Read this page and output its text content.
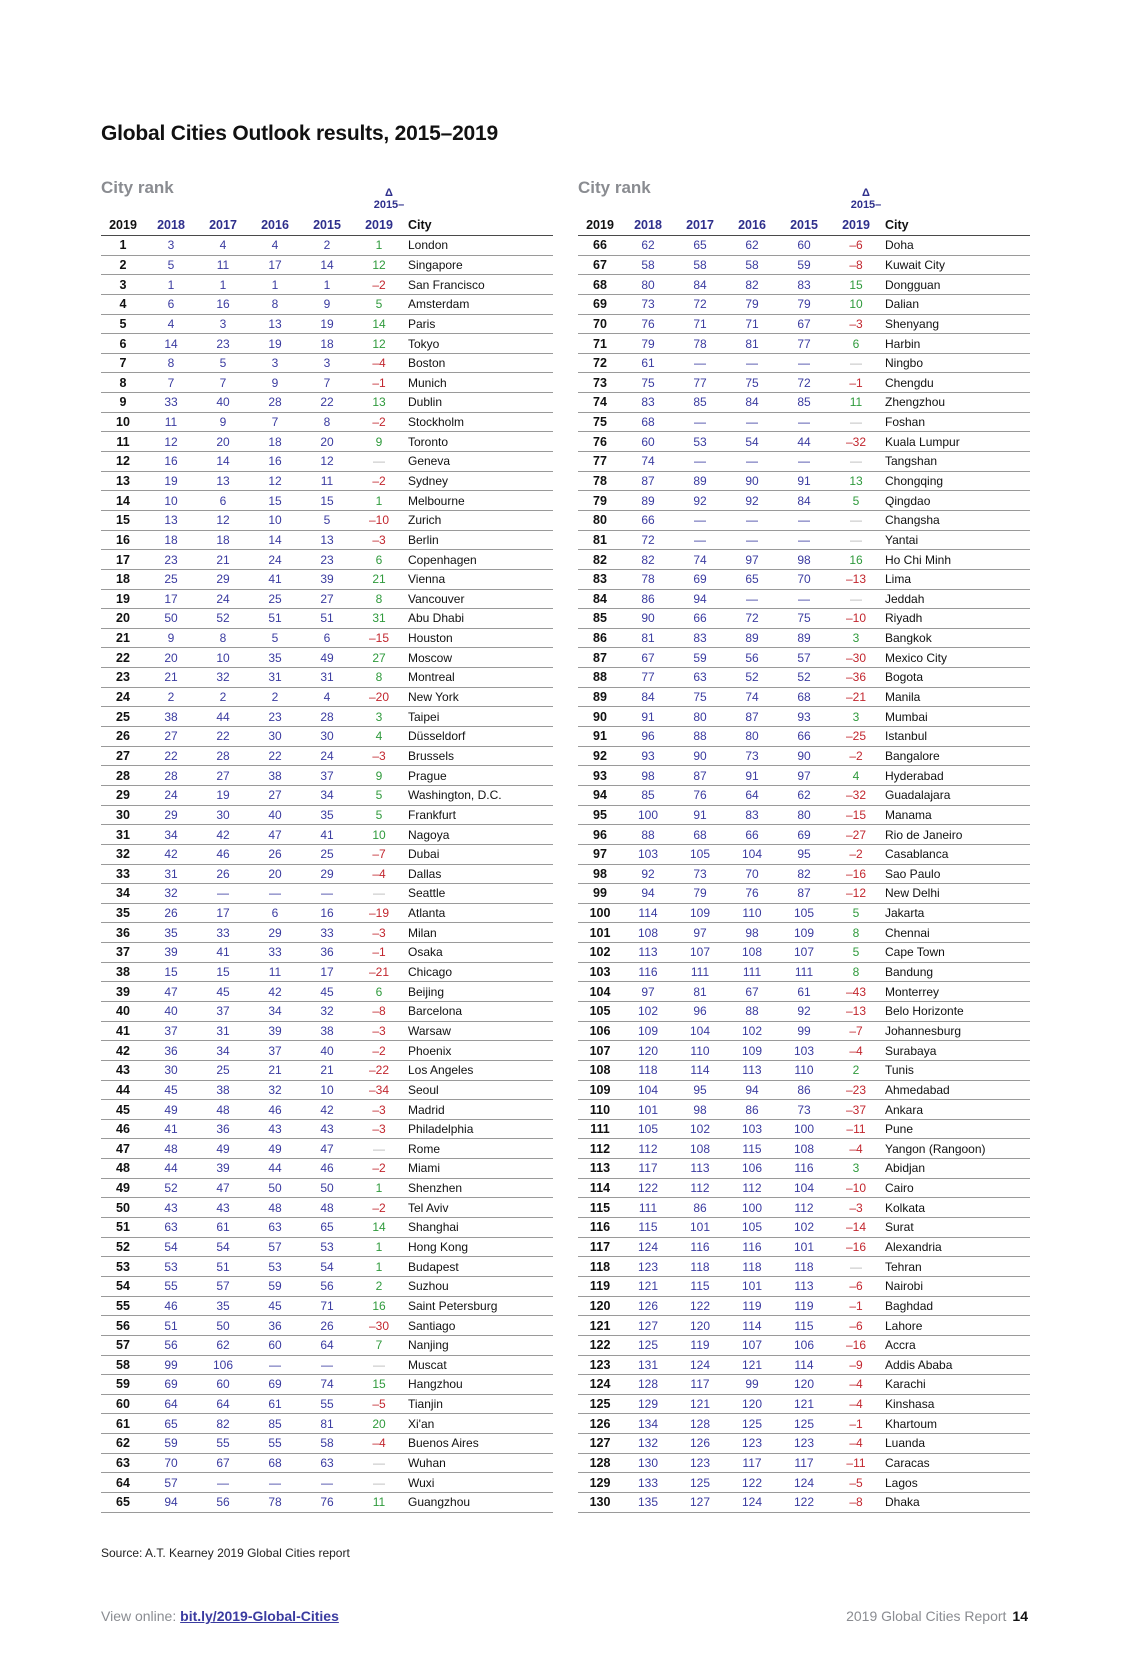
Global Cities Outlook results, 2015–2019
City rank	Δ
2015–
2019	2018	2017	2016	2015	2019	City
1	3	4	4	2	1	London
2	5	11	17	14	12	Singapore
3	1	1	1	1	–2	San Francisco
4	6	16	8	9	5	Amsterdam
5	4	3	13	19	14	Paris
6	14	23	19	18	12	Tokyo
7	8	5	3	3	–4	Boston
8	7	7	9	7	–1	Munich
9	33	40	28	22	13	Dublin
10	11	9	7	8	–2	Stockholm
11	12	20	18	20	9	Toronto
12	16	14	16	12	—	Geneva
13	19	13	12	11	–2	Sydney
14	10	6	15	15	1	Melbourne
15	13	12	10	5	–10	Zurich
16	18	18	14	13	–3	Berlin
17	23	21	24	23	6	Copenhagen
18	25	29	41	39	21	Vienna
19	17	24	25	27	8	Vancouver
20	50	52	51	51	31	Abu Dhabi
21	9	8	5	6	–15	Houston
22	20	10	35	49	27	Moscow
23	21	32	31	31	8	Montreal
24	2	2	2	4	–20	New York
25	38	44	23	28	3	Taipei
26	27	22	30	30	4	Düsseldorf
27	22	28	22	24	–3	Brussels
28	28	27	38	37	9	Prague
29	24	19	27	34	5	Washington, D.C.
30	29	30	40	35	5	Frankfurt
31	34	42	47	41	10	Nagoya
32	42	46	26	25	–7	Dubai
33	31	26	20	29	–4	Dallas
34	32	—	—	—	—	Seattle
35	26	17	6	16	–19	Atlanta
36	35	33	29	33	–3	Milan
37	39	41	33	36	–1	Osaka
38	15	15	11	17	–21	Chicago
39	47	45	42	45	6	Beijing
40	40	37	34	32	–8	Barcelona
41	37	31	39	38	–3	Warsaw
42	36	34	37	40	–2	Phoenix
43	30	25	21	21	–22	Los Angeles
44	45	38	32	10	–34	Seoul
45	49	48	46	42	–3	Madrid
46	41	36	43	43	–3	Philadelphia
47	48	49	49	47	—	Rome
48	44	39	44	46	–2	Miami
49	52	47	50	50	1	Shenzhen
50	43	43	48	48	–2	Tel Aviv
51	63	61	63	65	14	Shanghai
52	54	54	57	53	1	Hong Kong
53	53	51	53	54	1	Budapest
54	55	57	59	56	2	Suzhou
55	46	35	45	71	16	Saint Petersburg
56	51	50	36	26	–30	Santiago
57	56	62	60	64	7	Nanjing
58	99	106	—	—	—	Muscat
59	69	60	69	74	15	Hangzhou
60	64	64	61	55	–5	Tianjin
61	65	82	85	81	20	Xi'an
62	59	55	55	58	–4	Buenos Aires
63	70	67	68	63	—	Wuhan
64	57	—	—	—	—	Wuxi
65	94	56	78	76	11	Guangzhou
City rank	Δ
2015–
2019	2018	2017	2016	2015	2019	City
66	62	65	62	60	–6	Doha
67	58	58	58	59	–8	Kuwait City
68	80	84	82	83	15	Dongguan
69	73	72	79	79	10	Dalian
70	76	71	71	67	–3	Shenyang
71	79	78	81	77	6	Harbin
72	61	—	—	—	—	Ningbo
73	75	77	75	72	–1	Chengdu
74	83	85	84	85	11	Zhengzhou
75	68	—	—	—	—	Foshan
76	60	53	54	44	–32	Kuala Lumpur
77	74	—	—	—	—	Tangshan
78	87	89	90	91	13	Chongqing
79	89	92	92	84	5	Qingdao
80	66	—	—	—	—	Changsha
81	72	—	—	—	—	Yantai
82	82	74	97	98	16	Ho Chi Minh
83	78	69	65	70	–13	Lima
84	86	94	—	—	—	Jeddah
85	90	66	72	75	–10	Riyadh
86	81	83	89	89	3	Bangkok
87	67	59	56	57	–30	Mexico City
88	77	63	52	52	–36	Bogota
89	84	75	74	68	–21	Manila
90	91	80	87	93	3	Mumbai
91	96	88	80	66	–25	Istanbul
92	93	90	73	90	–2	Bangalore
93	98	87	91	97	4	Hyderabad
94	85	76	64	62	–32	Guadalajara
95	100	91	83	80	–15	Manama
96	88	68	66	69	–27	Rio de Janeiro
97	103	105	104	95	–2	Casablanca
98	92	73	70	82	–16	Sao Paulo
99	94	79	76	87	–12	New Delhi
100	114	109	110	105	5	Jakarta
101	108	97	98	109	8	Chennai
102	113	107	108	107	5	Cape Town
103	116	111	111	111	8	Bandung
104	97	81	67	61	–43	Monterrey
105	102	96	88	92	–13	Belo Horizonte
106	109	104	102	99	–7	Johannesburg
107	120	110	109	103	–4	Surabaya
108	118	114	113	110	2	Tunis
109	104	95	94	86	–23	Ahmedabad
110	101	98	86	73	–37	Ankara
111	105	102	103	100	–11	Pune
112	112	108	115	108	–4	Yangon (Rangoon)
113	117	113	106	116	3	Abidjan
114	122	112	112	104	–10	Cairo
115	111	86	100	112	–3	Kolkata
116	115	101	105	102	–14	Surat
117	124	116	116	101	–16	Alexandria
118	123	118	118	118	—	Tehran
119	121	115	101	113	–6	Nairobi
120	126	122	119	119	–1	Baghdad
121	127	120	114	115	–6	Lahore
122	125	119	107	106	–16	Accra
123	131	124	121	114	–9	Addis Ababa
124	128	117	99	120	–4	Karachi
125	129	121	120	121	–4	Kinshasa
126	134	128	125	125	–1	Khartoum
127	132	126	123	123	–4	Luanda
128	130	123	117	117	–11	Caracas
129	133	125	122	124	–5	Lagos
130	135	127	124	122	–8	Dhaka

Source: A.T. Kearney 2019 Global Cities report

View online: bit.ly/2019-Global-Cities	2019 Global Cities Report 14
